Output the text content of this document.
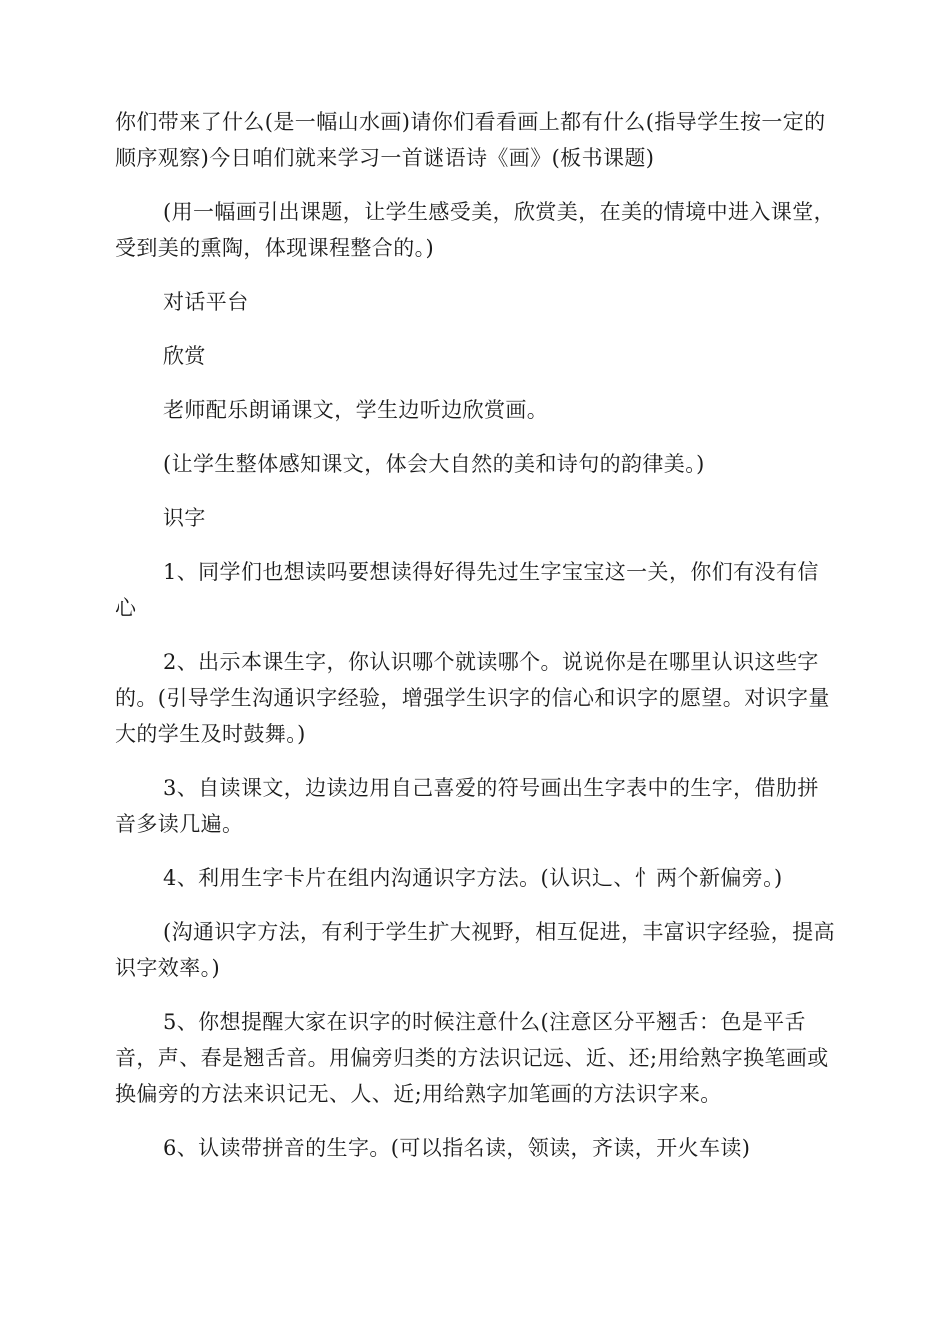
你们带来了什么(是一幅山水画)请你们看看画上都有什么(指导学生按一定的顺序观察)今日咱们就来学习一首谜语诗《画》(板书课题)

(用一幅画引出课题，让学生感受美，欣赏美，在美的情境中进入课堂，受到美的熏陶，体现课程整合的。)

对话平台

欣赏

老师配乐朗诵课文，学生边听边欣赏画。

(让学生整体感知课文，体会大自然的美和诗句的韵律美。)

识字

1、同学们也想读吗要想读得好得先过生字宝宝这一关，你们有没有信心

2、出示本课生字，你认识哪个就读哪个。说说你是在哪里认识这些字的。(引导学生沟通识字经验，增强学生识字的信心和识字的愿望。对识字量大的学生及时鼓舞。)

3、自读课文，边读边用自己喜爱的符号画出生字表中的生字，借肋拼音多读几遍。

4、利用生字卡片在组内沟通识字方法。(认识辶、忄两个新偏旁。)

(沟通识字方法，有利于学生扩大视野，相互促进，丰富识字经验，提高识字效率。)

5、你想提醒大家在识字的时候注意什么(注意区分平翘舌：色是平舌音，声、春是翘舌音。用偏旁归类的方法识记远、近、还;用给熟字换笔画或换偏旁的方法来识记无、人、近;用给熟字加笔画的方法识字来。

6、认读带拼音的生字。(可以指名读，领读，齐读，开火车读)
